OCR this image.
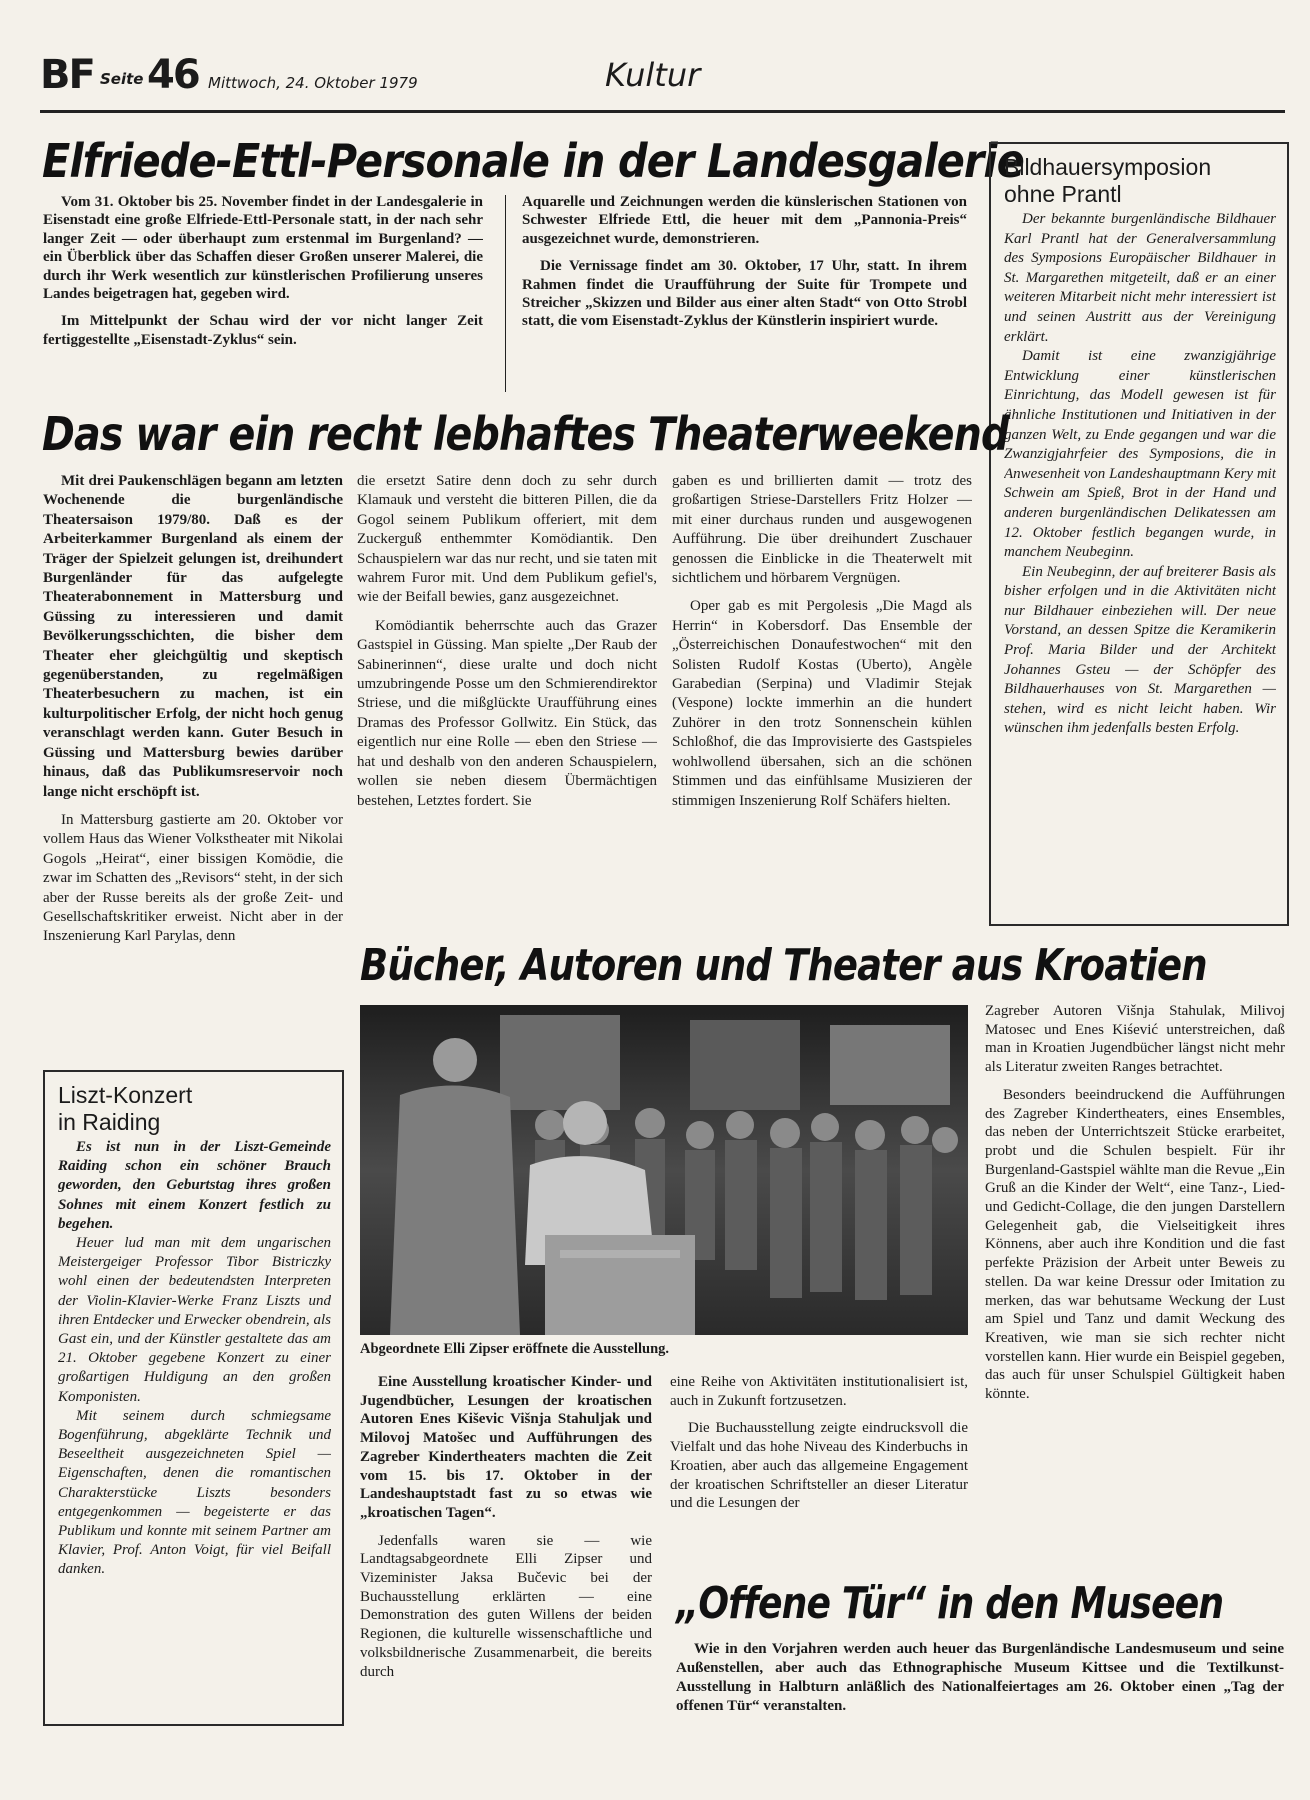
BF Seite 46 Mittwoch, 24. Oktober 1979	Kultur
Elfriede-Ettl-Personale in der Landesgalerie

Vom 31. Oktober bis 25. November findet in der Landesgalerie in Eisenstadt eine große Elfriede-Ettl-Personale statt, in der nach sehr langer Zeit — oder überhaupt zum erstenmal im Burgenland? — ein Überblick über das Schaffen dieser Großen unserer Malerei, die durch ihr Werk wesentlich zur künstlerischen Profilierung unseres Landes beigetragen hat, gegeben wird.

Im Mittelpunkt der Schau wird der vor nicht langer Zeit fertiggestellte „Eisenstadt-Zyklus“ sein.

Aquarelle und Zeichnungen werden die künslerischen Stationen von Schwester Elfriede Ettl, die heuer mit dem „Pannonia-Preis“ ausgezeichnet wurde, demonstrieren.

Die Vernissage findet am 30. Oktober, 17 Uhr, statt. In ihrem Rahmen findet die Uraufführung der Suite für Trompete und Streicher „Skizzen und Bilder aus einer alten Stadt“ von Otto Strobl statt, die vom Eisenstadt-Zyklus der Künstlerin inspiriert wurde.

Bildhauersymposion
ohne Prantl

Der bekannte burgenländische Bildhauer Karl Prantl hat der Generalversammlung des Symposions Europäischer Bildhauer in St. Margarethen mitgeteilt, daß er an einer weiteren Mitarbeit nicht mehr interessiert ist und seinen Austritt aus der Vereinigung erklärt.

Damit ist eine zwanzigjährige Entwicklung einer künstlerischen Einrichtung, das Modell gewesen ist für ähnliche Institutionen und Initiativen in der ganzen Welt, zu Ende gegangen und war die Zwanzigjahrfeier des Symposions, die in Anwesenheit von Landeshauptmann Kery mit Schwein am Spieß, Brot in der Hand und anderen burgenländischen Delikatessen am 12. Oktober festlich begangen wurde, in manchem Neubeginn.

Ein Neubeginn, der auf breiterer Basis als bisher erfolgen und in die Aktivitäten nicht nur Bildhauer einbeziehen will. Der neue Vorstand, an dessen Spitze die Keramikerin Prof. Maria Bilder und der Architekt Johannes Gsteu — der Schöpfer des Bildhauerhauses von St. Margarethen — stehen, wird es nicht leicht haben. Wir wünschen ihm jedenfalls besten Erfolg.

Das war ein recht lebhaftes Theaterweekend

Mit drei Paukenschlägen begann am letzten Wochenende die burgenländische Theatersaison 1979/80. Daß es der Arbeiterkammer Burgenland als einem der Träger der Spielzeit gelungen ist, dreihundert Burgenländer für das aufgelegte Theaterabonnement in Mattersburg und Güssing zu interessieren und damit Bevölkerungsschichten, die bisher dem Theater eher gleichgültig und skeptisch gegenüberstanden, zu regelmäßigen Theaterbesuchern zu machen, ist ein kulturpolitischer Erfolg, der nicht hoch genug veranschlagt werden kann. Guter Besuch in Güssing und Mattersburg bewies darüber hinaus, daß das Publikumsreservoir noch lange nicht erschöpft ist.

In Mattersburg gastierte am 20. Oktober vor vollem Haus das Wiener Volkstheater mit Nikolai Gogols „Heirat“, einer bissigen Komödie, die zwar im Schatten des „Revisors“ steht, in der sich aber der Russe bereits als der große Zeit- und Gesellschaftskritiker erweist. Nicht aber in der Inszenierung Karl Parylas, denn

die ersetzt Satire denn doch zu sehr durch Klamauk und versteht die bitteren Pillen, die da Gogol seinem Publikum offeriert, mit dem Zuckerguß enthemmter Komödiantik. Den Schauspielern war das nur recht, und sie taten mit wahrem Furor mit. Und dem Publikum gefiel's, wie der Beifall bewies, ganz ausgezeichnet.

Komödiantik beherrschte auch das Grazer Gastspiel in Güssing. Man spielte „Der Raub der Sabinerinnen“, diese uralte und doch nicht umzubringende Posse um den Schmierendirektor Striese, und die mißglückte Uraufführung eines Dramas des Professor Gollwitz. Ein Stück, das eigentlich nur eine Rolle — eben den Striese — hat und deshalb von den anderen Schauspielern, wollen sie neben diesem Übermächtigen bestehen, Letztes fordert. Sie

gaben es und brillierten damit — trotz des großartigen Striese-Darstellers Fritz Holzer — mit einer durchaus runden und ausgewogenen Aufführung. Die über dreihundert Zuschauer genossen die Einblicke in die Theaterwelt mit sichtlichem und hörbarem Vergnügen.

Oper gab es mit Pergolesis „Die Magd als Herrin“ in Kobersdorf. Das Ensemble der „Österreichischen Donaufestwochen“ mit den Solisten Rudolf Kostas (Uberto), Angèle Garabedian (Serpina) und Vladimir Stejak (Vespone) lockte immerhin an die hundert Zuhörer in den trotz Sonnenschein kühlen Schloßhof, die das Improvisierte des Gastspieles wohlwollend übersahen, sich an die schönen Stimmen und das einfühlsame Musizieren der stimmigen Inszenierung Rolf Schäfers hielten.

Liszt-Konzert
in Raiding

Es ist nun in der Liszt-Gemeinde Raiding schon ein schöner Brauch geworden, den Geburtstag ihres großen Sohnes mit einem Konzert festlich zu begehen.

Heuer lud man mit dem ungarischen Meistergeiger Professor Tibor Bistriczky wohl einen der bedeutendsten Interpreten der Violin-Klavier-Werke Franz Liszts und ihren Entdecker und Erwecker obendrein, als Gast ein, und der Künstler gestaltete das am 21. Oktober gegebene Konzert zu einer großartigen Huldigung an den großen Komponisten.

Mit seinem durch schmiegsame Bogenführung, abgeklärte Technik und Beseeltheit ausgezeichneten Spiel — Eigenschaften, denen die romantischen Charakterstücke Liszts besonders entgegenkommen — begeisterte er das Publikum und konnte mit seinem Partner am Klavier, Prof. Anton Voigt, für viel Beifall danken.

Bücher, Autoren und Theater aus Kroatien
Abgeordnete Elli Zipser eröffnete die Ausstellung.

Eine Ausstellung kroatischer Kinder- und Jugendbücher, Lesungen der kroatischen Autoren Enes Kiševic Višnja Stahuljak und Milovoj Matošec und Aufführungen des Zagreber Kindertheaters machten die Zeit vom 15. bis 17. Oktober in der Landeshauptstadt fast zu so etwas wie „kroatischen Tagen“.

Jedenfalls waren sie — wie Landtagsabgeordnete Elli Zipser und Vizeminister Jaksa Bučevic bei der Buchausstellung erklärten — eine Demonstration des guten Willens der beiden Regionen, die kulturelle wissenschaftliche und volksbildnerische Zusammenarbeit, die bereits durch

eine Reihe von Aktivitäten institutionalisiert ist, auch in Zukunft fortzusetzen.

Die Buchausstellung zeigte eindrucksvoll die Vielfalt und das hohe Niveau des Kinderbuchs in Kroatien, aber auch das allgemeine Engagement der kroatischen Schriftsteller an dieser Literatur und die Lesungen der

Zagreber Autoren Višnja Stahulak, Milivoj Matosec und Enes Kiśević unterstreichen, daß man in Kroatien Jugendbücher längst nicht mehr als Literatur zweiten Ranges betrachtet.

Besonders beeindruckend die Aufführungen des Zagreber Kindertheaters, eines Ensembles, das neben der Unterrichtszeit Stücke erarbeitet, probt und die Schulen bespielt. Für ihr Burgenland-Gastspiel wählte man die Revue „Ein Gruß an die Kinder der Welt“, eine Tanz-, Lied- und Gedicht-Collage, die den jungen Darstellern Gelegenheit gab, die Vielseitigkeit ihres Könnens, aber auch ihre Kondition und die fast perfekte Präzision der Arbeit unter Beweis zu stellen. Da war keine Dressur oder Imitation zu merken, das war behutsame Weckung der Lust am Spiel und Tanz und damit Weckung des Kreativen, wie man sie sich rechter nicht vorstellen kann. Hier wurde ein Beispiel gegeben, das auch für unser Schulspiel Gültigkeit haben könnte.

„Offene Tür“ in den Museen

Wie in den Vorjahren werden auch heuer das Burgenländische Landesmuseum und seine Außenstellen, aber auch das Ethnographische Museum Kittsee und die Textilkunst-Ausstellung in Halbturn anläßlich des Nationalfeiertages am 26. Oktober einen „Tag der offenen Tür“ veranstalten.
